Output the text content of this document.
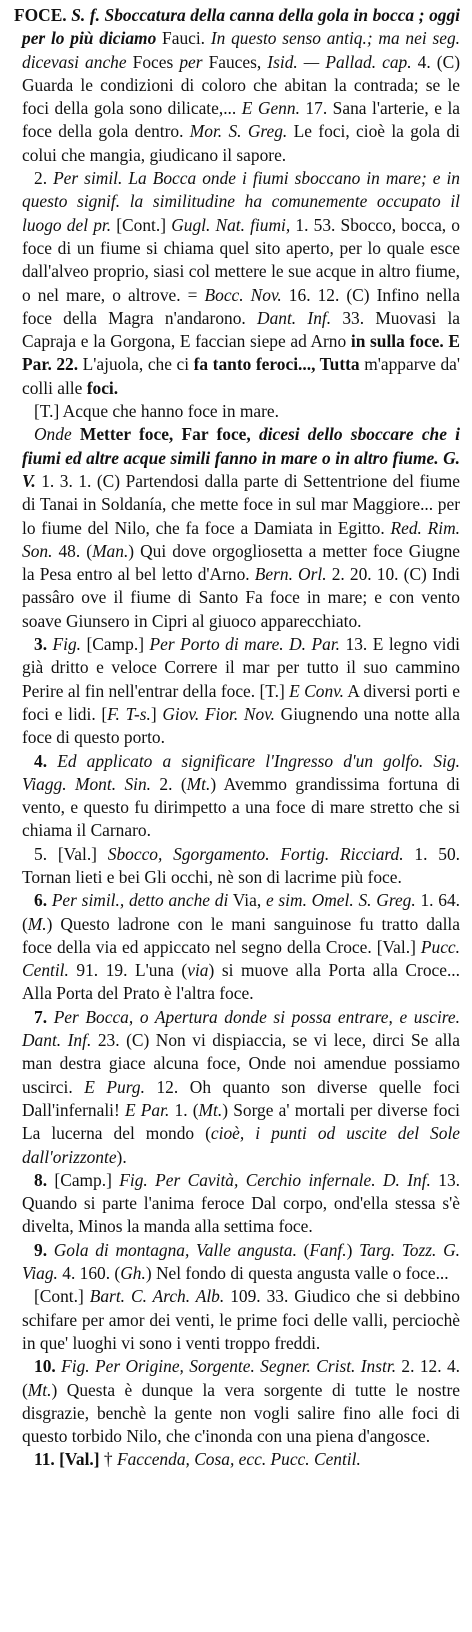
FOCE. S. f. Sboccatura della canna della gola in bocca ; oggi per lo più diciamo Fauci. In questo senso antiq.; ma nei seg. dicevasi anche Foces per Fauces, Isid. — Pallad. cap. 4. (C) Guarda le condizioni di coloro che abitan la contrada; se le foci della gola sono dilicate,... E Genn. 17. Sana l'arterie, e la foce della gola dentro. Mor. S. Greg. Le foci, cioè la gola di colui che mangia, giudicano il sapore.

2. Per simil. La Bocca onde i fiumi sboccano in mare; e in questo signif. la similitudine ha comunemente occupato il luogo del pr. [Cont.] Gugl. Nat. fiumi, 1. 53. Sbocco, bocca, o foce di un fiume si chiama quel sito aperto, per lo quale esce dall'alveo proprio, siasi col mettere le sue acque in altro fiume, o nel mare, o altrove. = Bocc. Nov. 16. 12. (C) Infino nella foce della Magra n'andarono. Dant. Inf. 33. Muovasi la Capraja e la Gorgona, E faccian siepe ad Arno in sulla foce. E Par. 22. L'ajuola, che ci fa tanto feroci..., Tutta m'apparve da' colli alle foci.

[T.] Acque che hanno foce in mare.

Onde Metter foce, Far foce, dicesi dello sboccare che i fiumi ed altre acque simili fanno in mare o in altro fiume. G. V. 1. 3. 1. (C) Partendosi dalla parte di Settentrione del fiume di Tanai in Soldanía, che mette foce in sul mar Maggiore... per lo fiume del Nilo, che fa foce a Damiata in Egitto. Red. Rim. Son. 48. (Man.) Qui dove orgogliosetta a metter foce Giugne la Pesa entro al bel letto d'Arno. Bern. Orl. 2. 20. 10. (C) Indi passâro ove il fiume di Santo Fa foce in mare; e con vento soave Giunsero in Cipri al giuoco apparecchiato.

3. Fig. [Camp.] Per Porto di mare. D. Par. 13. E legno vidi già dritto e veloce Correre il mar per tutto il suo cammino Perire al fin nell'entrar della foce. [T.] E Conv. A diversi porti e foci e lidi. [F. T-s.] Giov. Fior. Nov. Giugnendo una notte alla foce di questo porto.

4. Ed applicato a significare l'Ingresso d'un golfo. Sig. Viagg. Mont. Sin. 2. (Mt.) Avemmo grandissima fortuna di vento, e questo fu dirimpetto a una foce di mare stretto che si chiama il Carnaro.

5. [Val.] Sbocco, Sgorgamento. Fortig. Ricciard. 1. 50. Tornan lieti e bei Gli occhi, nè son di lacrime più foce.

6. Per simil., detto anche di Via, e sim. Omel. S. Greg. 1. 64. (M.) Questo ladrone con le mani sanguinose fu tratto dalla foce della via ed appiccato nel segno della Croce. [Val.] Pucc. Centil. 91. 19. L'una (via) si muove alla Porta alla Croce... Alla Porta del Prato è l'altra foce.

7. Per Bocca, o Apertura donde si possa entrare, e uscire. Dant. Inf. 23. (C) Non vi dispiaccia, se vi lece, dirci Se alla man destra giace alcuna foce, Onde noi amendue possiamo uscirci. E Purg. 12. Oh quanto son diverse quelle foci Dall'infernali! E Par. 1. (Mt.) Sorge a' mortali per diverse foci La lucerna del mondo (cioè, i punti od uscite del Sole dall'orizzonte).

8. [Camp.] Fig. Per Cavità, Cerchio infernale. D. Inf. 13. Quando si parte l'anima feroce Dal corpo, ond'ella stessa s'è divelta, Minos la manda alla settima foce.

9. Gola di montagna, Valle angusta. (Fanf.) Targ. Tozz. G. Viag. 4. 160. (Gh.) Nel fondo di questa angusta valle o foce...

[Cont.] Bart. C. Arch. Alb. 109. 33. Giudico che si debbino schifare per amor dei venti, le prime foci delle valli, perciochè in que' luoghi vi sono i venti troppo freddi.

10. Fig. Per Origine, Sorgente. Segner. Crist. Instr. 2. 12. 4. (Mt.) Questa è dunque la vera sorgente di tutte le nostre disgrazie, benchè la gente non vogli salire fino alle foci di questo torbido Nilo, che c'inonda con una piena d'angosce.

11. [Val.] † Faccenda, Cosa, ecc. Pucc. Centil.
